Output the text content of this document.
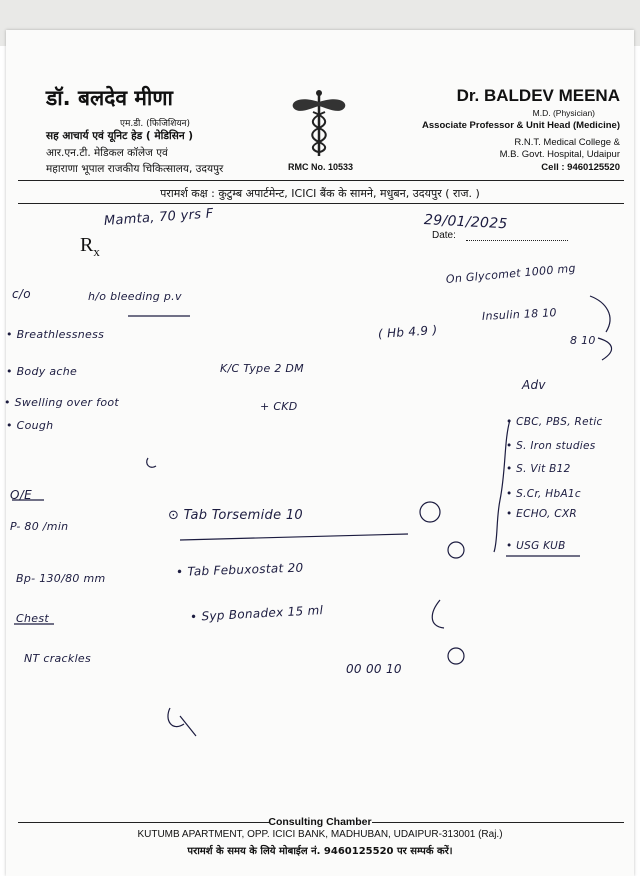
डॉ. बलदेव मीणा
एम.डी. (फिजिशियन)
सह आचार्य एवं यूनिट हेड ( मेडिसिन )
आर.एन.टी. मेडिकल कॉलेज एवं
महाराणा भूपाल राजकीय चिकित्सालय, उदयपुर	RMC No. 10533
Dr. BALDEV MEENA
M.D. (Physician)
Associate Professor & Unit Head (Medicine)
R.N.T. Medical College &
M.B. Govt. Hospital, Udaipur
Cell : 9460125520
परामर्श कक्ष : कुटुम्ब अपार्टमेन्ट, ICICI बैंक के सामने, मधुबन, उदयपुर ( राज. )
$R_x$
Date:
Mamta, 70 yrs F	29/01/2025
c/o	h/o bleeding p.v
• Breathlessness
• Body ache
• Swelling over foot
• Cough
K/C Type 2 DM
+ CKD
On Glycomet 1000 mg
Insulin 18 10
( Hb 4.9 )	8 10
Adv
• CBC, PBS, Retic
• S. Iron studies
• S. Vit B12
• S.Cr, HbA1c
• ECHO, CXR
• USG KUB
O/E
P- 80 /min
Bp- 130/80 mm
Chest
NT crackles
⊙ Tab Torsemide 10
• Tab Febuxostat 20
• Syp Bonadex 15 ml
00 00 10
Consulting Chamber
KUTUMB APARTMENT, OPP. ICICI BANK, MADHUBAN, UDAIPUR-313001 (Raj.)
परामर्श के समय के लिये मोबाईल नं. 9460125520 पर सम्पर्क करें।
